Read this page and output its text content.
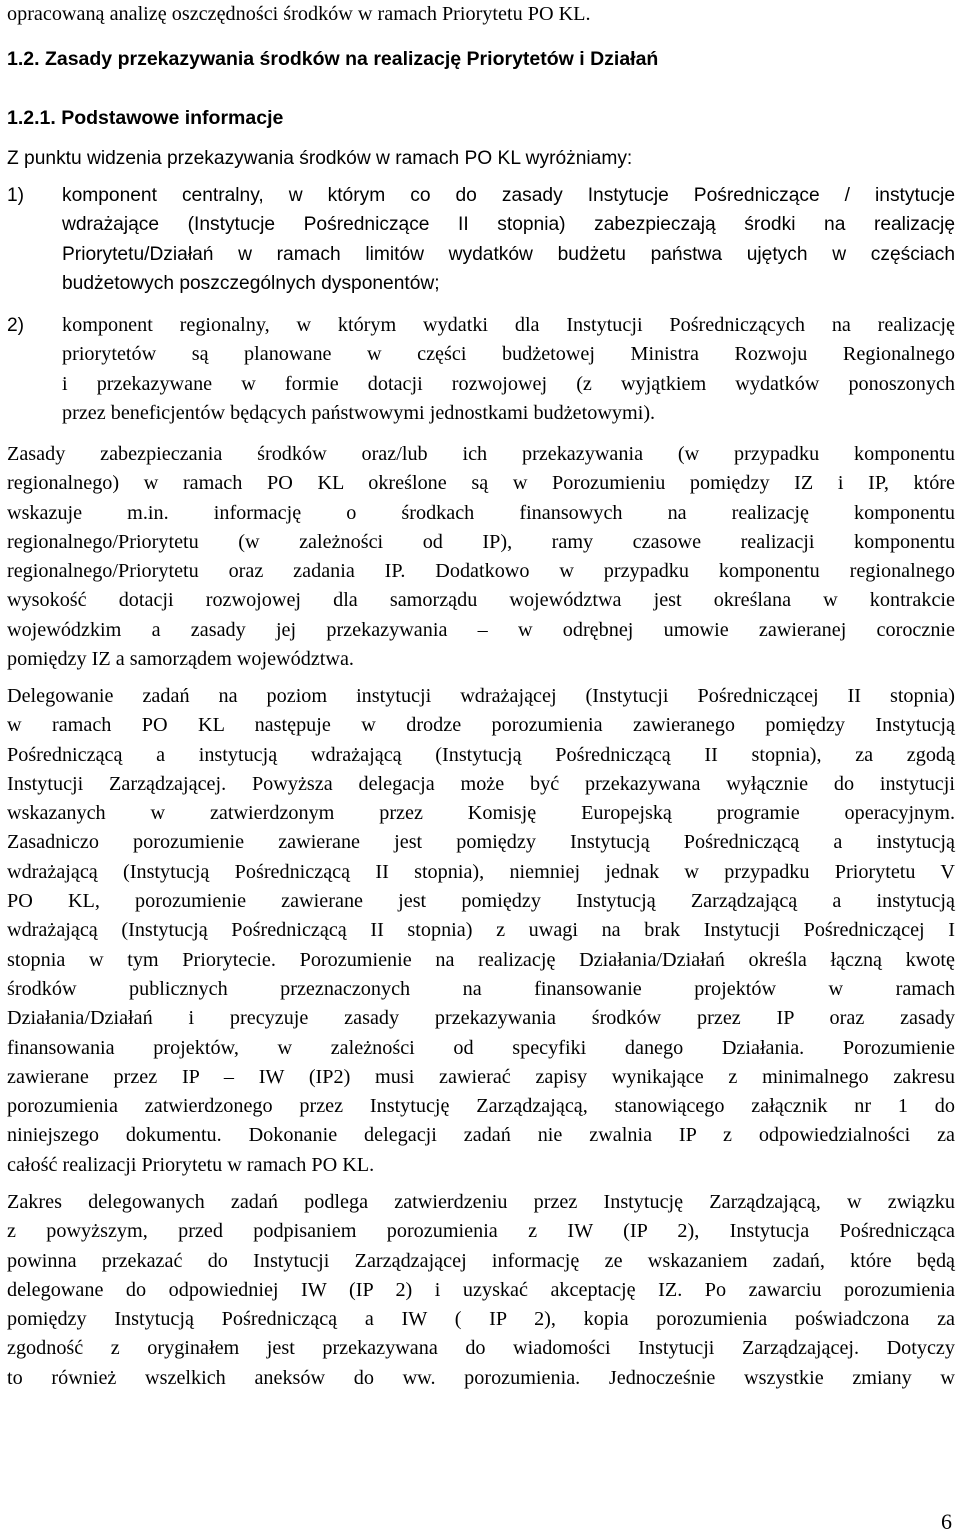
opracowaną analizę oszczędności środków w ramach Priorytetu PO KL.
1.2. Zasady przekazywania środków na realizację Priorytetów i Działań
1.2.1. Podstawowe informacje
Z punktu widzenia przekazywania środków w ramach PO KL wyróżniamy:
1)	komponent centralny, w którym co do zasady Instytucje Pośredniczące / instytucje
wdrażające (Instytucje Pośredniczące II stopnia) zabezpieczają środki na realizację
Priorytetu/Działań w ramach limitów wydatków budżetu państwa ujętych w częściach
budżetowych poszczególnych dysponentów;
2)	komponent regionalny, w którym wydatki dla Instytucji Pośredniczących na realizację
priorytetów są planowane w części budżetowej Ministra Rozwoju Regionalnego
i przekazywane w formie dotacji rozwojowej (z wyjątkiem wydatków ponoszonych
przez beneficjentów będących państwowymi jednostkami budżetowymi).
Zasady zabezpieczania środków oraz/lub ich przekazywania (w przypadku komponentu
regionalnego) w ramach PO KL określone są w Porozumieniu pomiędzy IZ i IP, które
wskazuje m.in. informację o środkach finansowych na realizację komponentu
regionalnego/Priorytetu (w zależności od IP), ramy czasowe realizacji komponentu
regionalnego/Priorytetu oraz zadania IP. Dodatkowo w przypadku komponentu regionalnego
wysokość dotacji rozwojowej dla samorządu województwa jest określana w kontrakcie
wojewódzkim a zasady jej przekazywania – w odrębnej umowie zawieranej corocznie
pomiędzy IZ a samorządem województwa.
Delegowanie zadań na poziom instytucji wdrażającej (Instytucji Pośredniczącej II stopnia)
w ramach PO KL następuje w drodze porozumienia zawieranego pomiędzy Instytucją
Pośredniczącą a instytucją wdrażającą (Instytucją Pośredniczącą II stopnia), za zgodą
Instytucji Zarządzającej. Powyższa delegacja może być przekazywana wyłącznie do instytucji
wskazanych w zatwierdzonym przez Komisję Europejską programie operacyjnym.
Zasadniczo porozumienie zawierane jest pomiędzy Instytucją Pośredniczącą a instytucją
wdrażającą (Instytucją Pośredniczącą II stopnia), niemniej jednak w przypadku Priorytetu V
PO KL, porozumienie zawierane jest pomiędzy Instytucją Zarządzającą a instytucją
wdrażającą (Instytucją Pośredniczącą II stopnia) z uwagi na brak Instytucji Pośredniczącej I
stopnia w tym Priorytecie. Porozumienie na realizację Działania/Działań określa łączną kwotę
środków publicznych przeznaczonych na finansowanie projektów w ramach
Działania/Działań i precyzuje zasady przekazywania środków przez IP oraz zasady
finansowania projektów, w zależności od specyfiki danego Działania. Porozumienie
zawierane przez IP – IW (IP2) musi zawierać zapisy wynikające z minimalnego zakresu
porozumienia zatwierdzonego przez Instytucję Zarządzającą, stanowiącego załącznik nr 1 do
niniejszego dokumentu. Dokonanie delegacji zadań nie zwalnia IP z odpowiedzialności za
całość realizacji Priorytetu w ramach PO KL.
Zakres delegowanych zadań podlega zatwierdzeniu przez Instytucję Zarządzającą, w związku
z powyższym, przed podpisaniem porozumienia z IW (IP 2), Instytucja Pośrednicząca
powinna przekazać do Instytucji Zarządzającej informację ze wskazaniem zadań, które będą
delegowane do odpowiedniej IW (IP 2) i uzyskać akceptację IZ. Po zawarciu porozumienia
pomiędzy Instytucją Pośredniczącą a IW ( IP 2), kopia porozumienia poświadczona za
zgodność z oryginałem jest przekazywana do wiadomości Instytucji Zarządzającej. Dotyczy
to również wszelkich aneksów do ww. porozumienia. Jednocześnie wszystkie zmiany w
6
